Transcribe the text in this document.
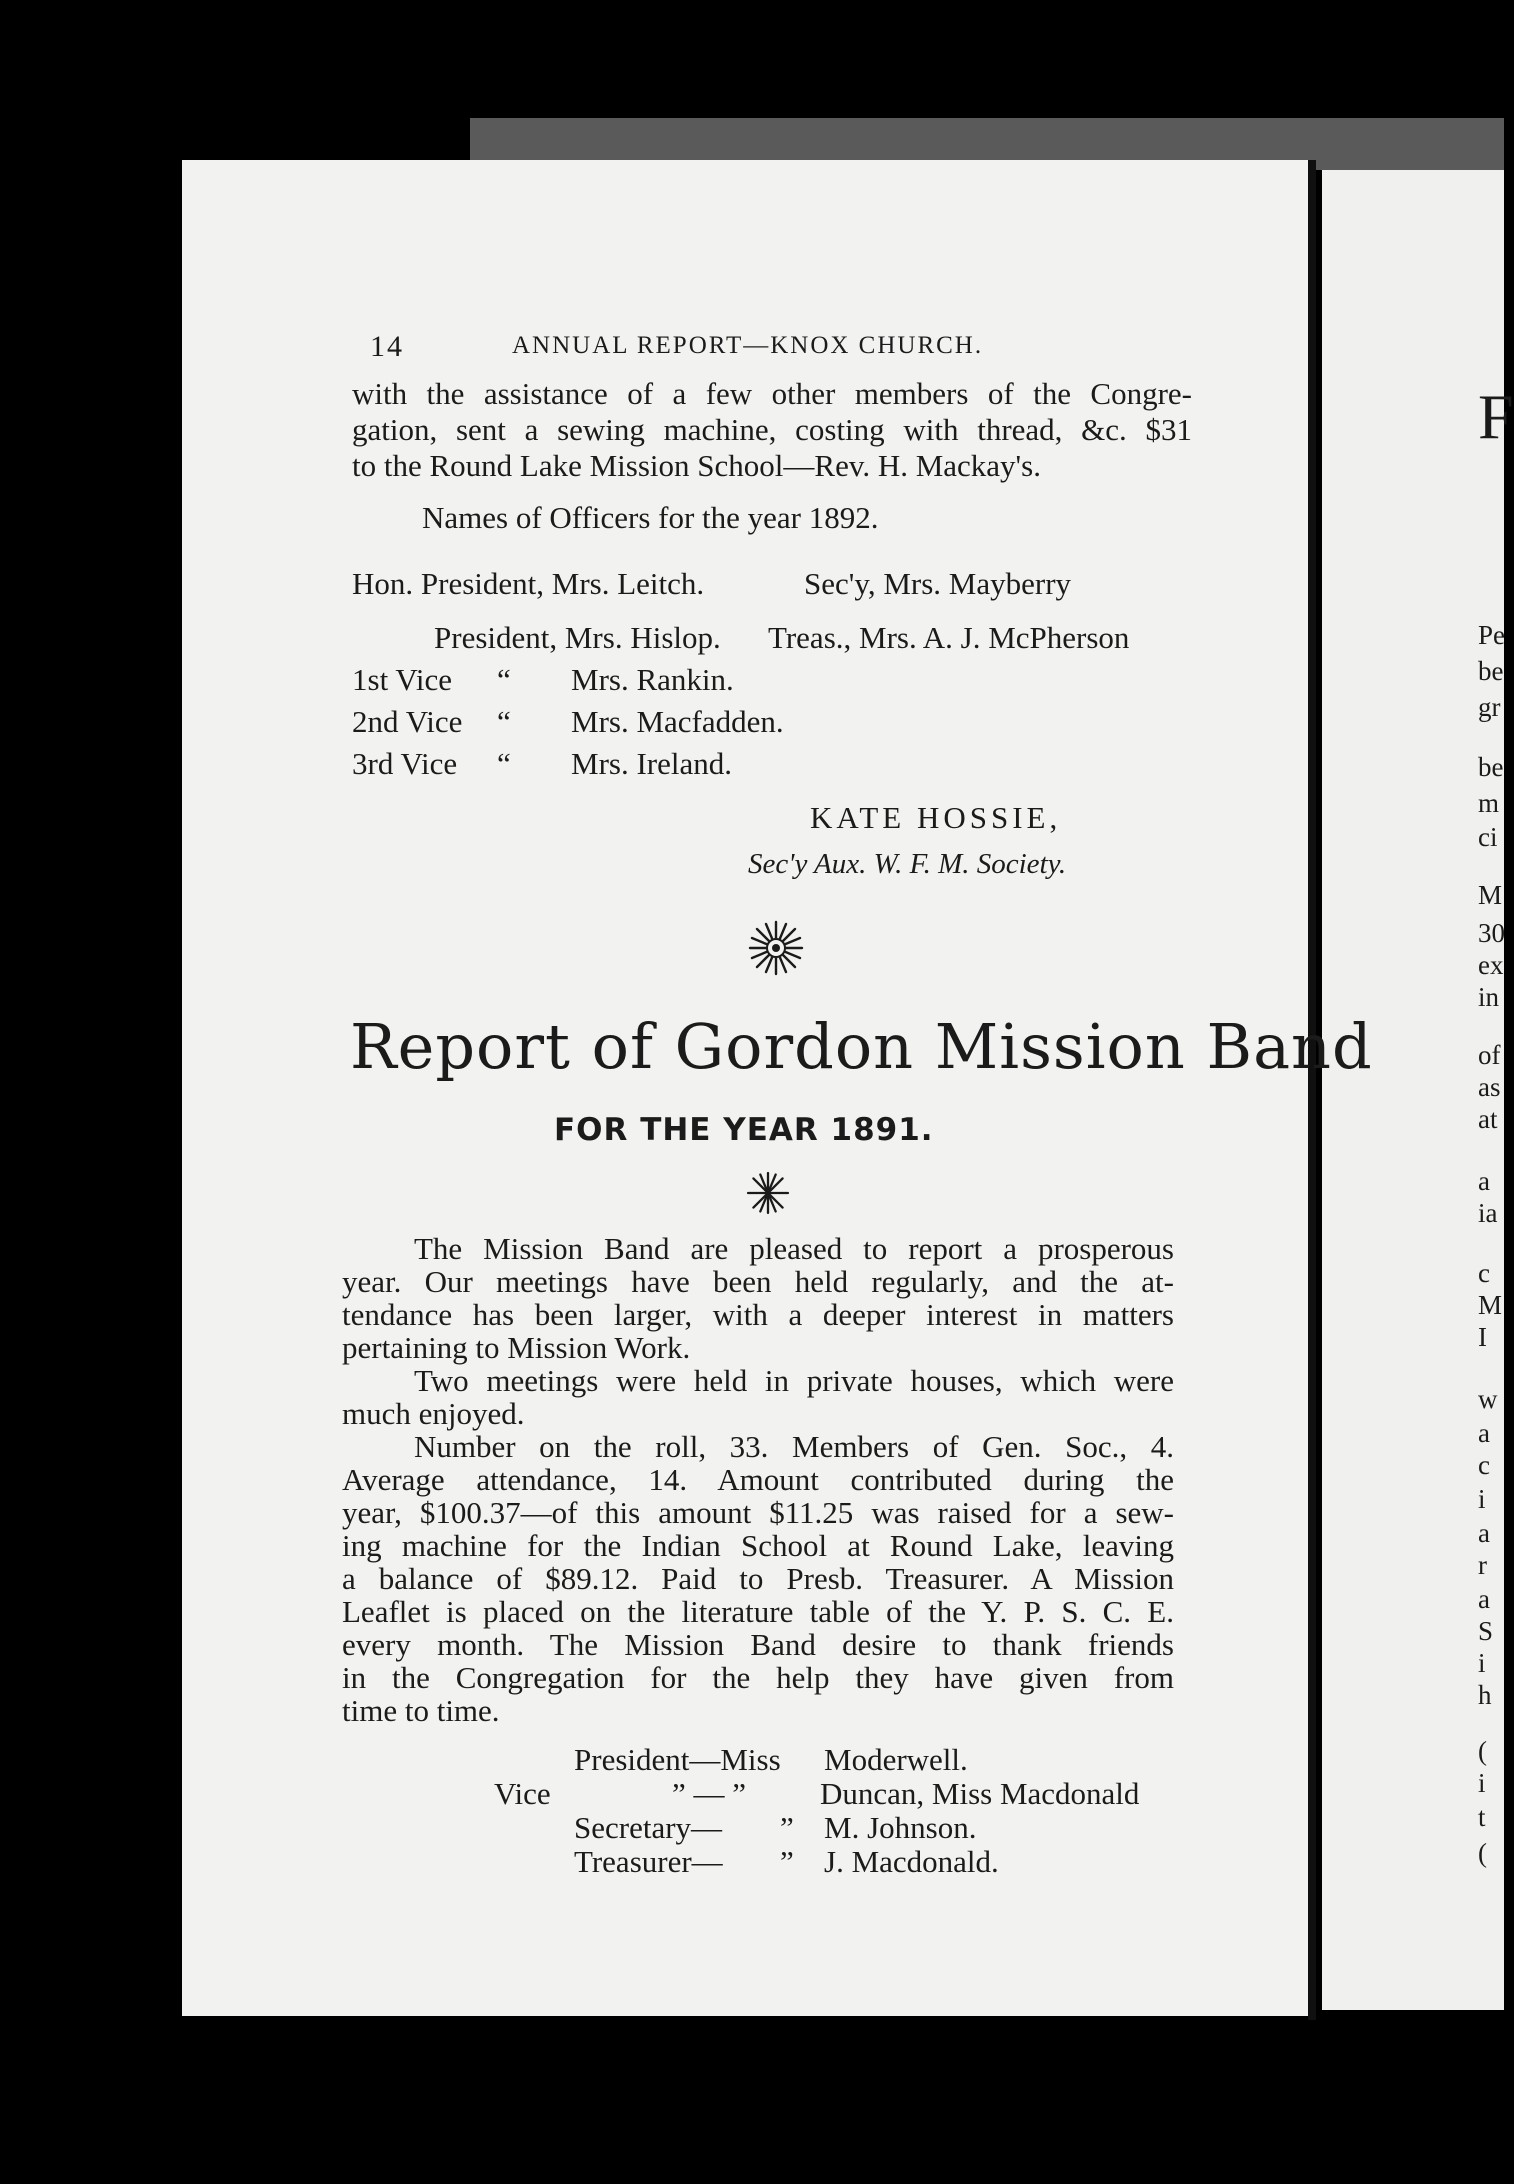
14	ANNUAL REPORT—KNOX CHURCH.
with the assistance of a few other members of the Congre-
gation, sent a sewing machine, costing with thread, &c. $31
to the Round Lake Mission School—Rev. H. Mackay's.
Names of Officers for the year 1892.
Hon. President, Mrs. Leitch.	Sec'y, Mrs. Mayberry
President, Mrs. Hislop. Treas., Mrs. A. J. McPherson
1st Vice “ Mrs. Rankin.
2nd Vice “ Mrs. Macfadden.
3rd Vice “ Mrs. Ireland.
KATE HOSSIE,
Sec'y Aux. W. F. M. Society.
Report of Gordon Mission Band
FOR THE YEAR 1891.
The Mission Band are pleased to report a prosperous
year. Our meetings have been held regularly, and the at-
tendance has been larger, with a deeper interest in matters
pertaining to Mission Work.
Two meetings were held in private houses, which were
much enjoyed.
Number on the roll, 33. Members of Gen. Soc., 4.
Average attendance, 14. Amount contributed during the
year, $100.37—of this amount $11.25 was raised for a sew-
ing machine for the Indian School at Round Lake, leaving
a balance of $89.12. Paid to Presb. Treasurer. A Mission
Leaflet is placed on the literature table of the Y. P. S. C. E.
every month. The Mission Band desire to thank friends
in the Congregation for the help they have given from
time to time.
President—Miss Moderwell.
Vice	” — ” Duncan, Miss Macdonald
Secretary— ” M. Johnson.
Treasurer— ” J. Macdonald.
F
Pe
be
gr
be
m
ci
M
30
ex
in
of
as
at
a
ia
c
M
I
w
a
c
i
a
r
a
S
i
h
(
i
t
(
